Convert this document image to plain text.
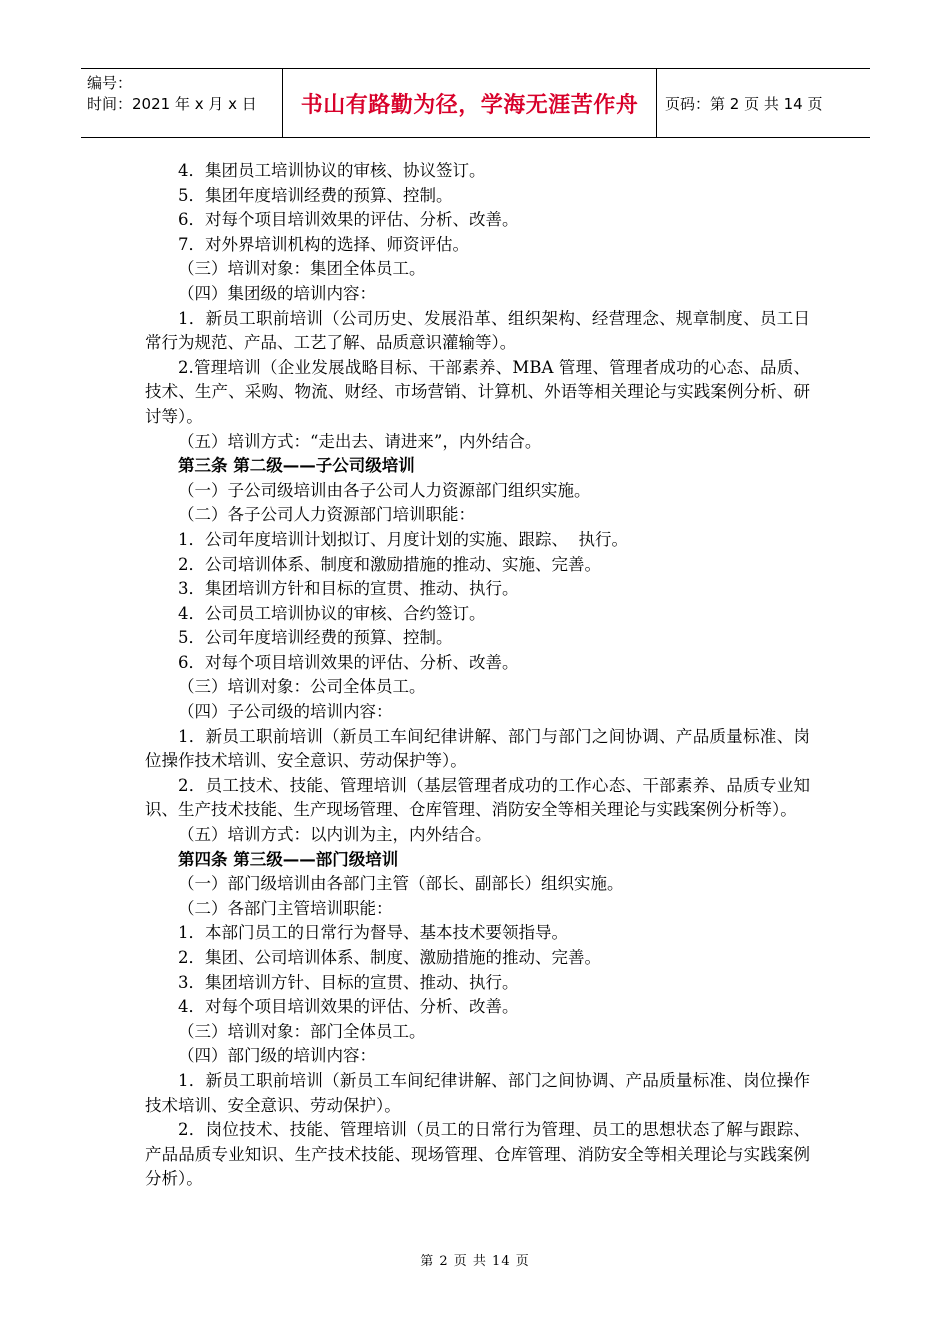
编号：
时间：2021 年 x 月 x 日	书山有路勤为径，学海无涯苦作舟	页码：第 2 页 共 14 页

4．集团员工培训协议的审核、协议签订。

5．集团年度培训经费的预算、控制。

6．对每个项目培训效果的评估、分析、改善。

7．对外界培训机构的选择、师资评估。

（三）培训对象：集团全体员工。

（四）集团级的培训内容：

1．新员工职前培训（公司历史、发展沿革、组织架构、经营理念、规章制度、员工日常行为规范、产品、工艺了解、品质意识灌输等）。

2.管理培训（企业发展战略目标、干部素养、MBA 管理、管理者成功的心态、品质、技术、生产、采购、物流、财经、市场营销、计算机、外语等相关理论与实践案例分析、研讨等）。

（五）培训方式：“走出去、请进来”，内外结合。

第三条 第二级——子公司级培训

（一）子公司级培训由各子公司人力资源部门组织实施。

（二）各子公司人力资源部门培训职能：

1．公司年度培训计划拟订、月度计划的实施、跟踪、  执行。

2．公司培训体系、制度和激励措施的推动、实施、完善。

3．集团培训方针和目标的宣贯、推动、执行。

4．公司员工培训协议的审核、合约签订。

5．公司年度培训经费的预算、控制。

6．对每个项目培训效果的评估、分析、改善。

（三）培训对象：公司全体员工。

（四）子公司级的培训内容：

1．新员工职前培训（新员工车间纪律讲解、部门与部门之间协调、产品质量标准、岗位操作技术培训、安全意识、劳动保护等）。

2．员工技术、技能、管理培训（基层管理者成功的工作心态、干部素养、品质专业知识、生产技术技能、生产现场管理、仓库管理、消防安全等相关理论与实践案例分析等）。

（五）培训方式：以内训为主，内外结合。

第四条 第三级——部门级培训

（一）部门级培训由各部门主管（部长、副部长）组织实施。

（二）各部门主管培训职能：

1．本部门员工的日常行为督导、基本技术要领指导。

2．集团、公司培训体系、制度、激励措施的推动、完善。

3．集团培训方针、目标的宣贯、推动、执行。

4．对每个项目培训效果的评估、分析、改善。

（三）培训对象：部门全体员工。

（四）部门级的培训内容：

1．新员工职前培训（新员工车间纪律讲解、部门之间协调、产品质量标准、岗位操作技术培训、安全意识、劳动保护）。

2．岗位技术、技能、管理培训（员工的日常行为管理、员工的思想状态了解与跟踪、产品品质专业知识、生产技术技能、现场管理、仓库管理、消防安全等相关理论与实践案例分析）。

第 2 页 共 14 页
